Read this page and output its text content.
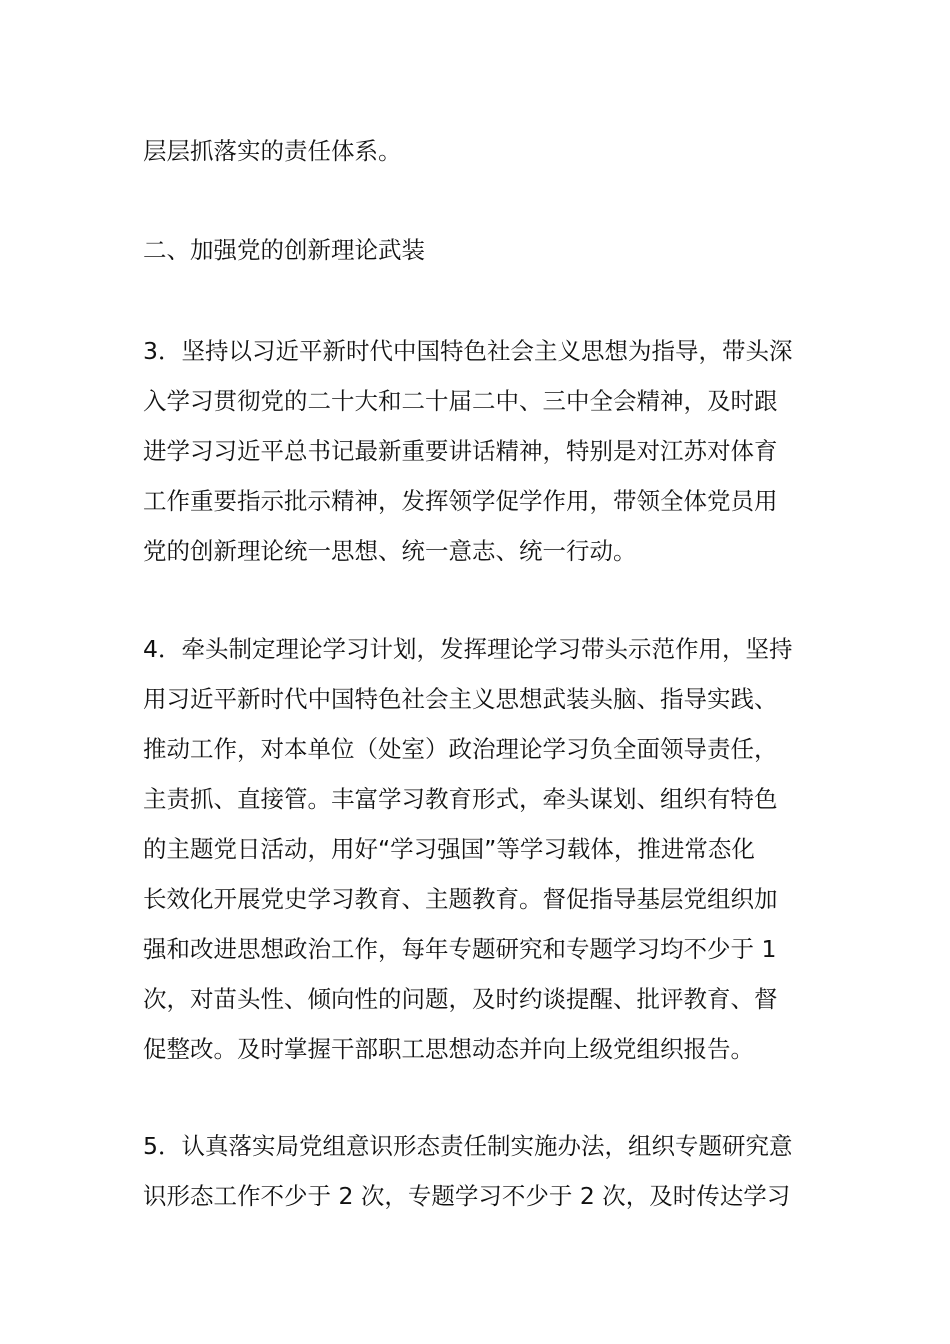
层层抓落实的责任体系。
二、加强党的创新理论武装
3．坚持以习近平新时代中国特色社会主义思想为指导，带头深
入学习贯彻党的二十大和二十届二中、三中全会精神，及时跟
进学习习近平总书记最新重要讲话精神，特别是对江苏对体育
工作重要指示批示精神，发挥领学促学作用，带领全体党员用
党的创新理论统一思想、统一意志、统一行动。
4．牵头制定理论学习计划，发挥理论学习带头示范作用，坚持
用习近平新时代中国特色社会主义思想武装头脑、指导实践、
推动工作，对本单位（处室）政治理论学习负全面领导责任，
主责抓、直接管。丰富学习教育形式，牵头谋划、组织有特色
的主题党日活动，用好“学习强国”等学习载体，推进常态化
长效化开展党史学习教育、主题教育。督促指导基层党组织加
强和改进思想政治工作，每年专题研究和专题学习均不少于 1
次，对苗头性、倾向性的问题，及时约谈提醒、批评教育、督
促整改。及时掌握干部职工思想动态并向上级党组织报告。
5．认真落实局党组意识形态责任制实施办法，组织专题研究意
识形态工作不少于 2 次，专题学习不少于 2 次，及时传达学习
